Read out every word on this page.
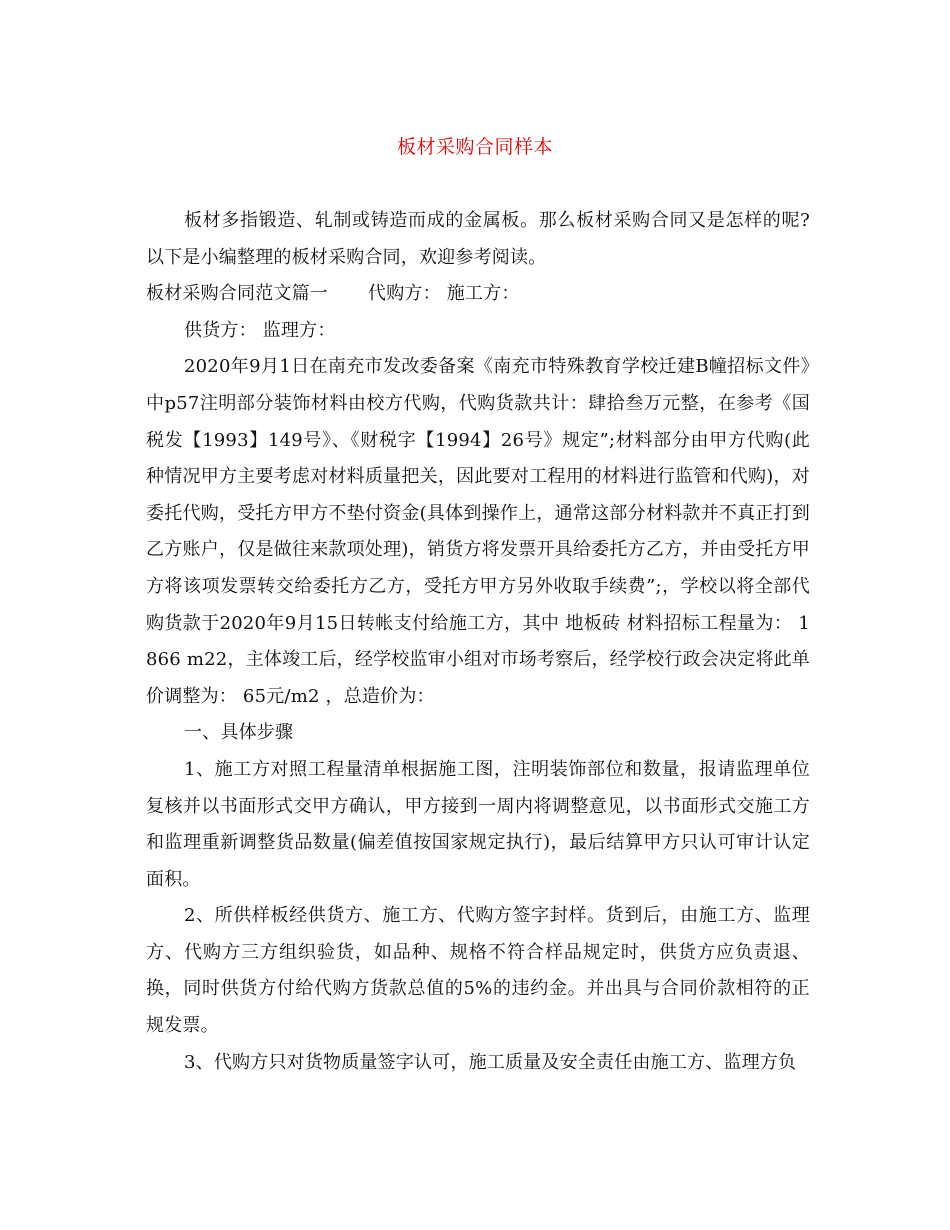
板材采购合同样本

板材多指锻造、轧制或铸造而成的金属板。那么板材采购合同又是怎样的呢?以下是小编整理的板材采购合同，欢迎参考阅读。

板材采购合同范文篇一 代购方： 施工方：

供货方： 监理方：

2020年9月1日在南充市发改委备案《南充市特殊教育学校迁建B幢招标文件》中p57注明部分装饰材料由校方代购，代购货款共计：肆拾叁万元整，在参考《国税发【1993】149号》、《财税字【1994】26号》规定”;材料部分由甲方代购(此种情况甲方主要考虑对材料质量把关，因此要对工程用的材料进行监管和代购)，对委托代购，受托方甲方不垫付资金(具体到操作上，通常这部分材料款并不真正打到乙方账户，仅是做往来款项处理)，销货方将发票开具给委托方乙方，并由受托方甲方将该项发票转交给委托方乙方，受托方甲方另外收取手续费”;，学校以将全部代购货款于2020年9月15日转帐支付给施工方，其中 地板砖 材料招标工程量为： 1866 m22，主体竣工后，经学校监审小组对市场考察后，经学校行政会决定将此单价调整为： 65元/m2 ，总造价为：

一、具体步骤

1、施工方对照工程量清单根据施工图，注明装饰部位和数量，报请监理单位复核并以书面形式交甲方确认，甲方接到一周内将调整意见，以书面形式交施工方和监理重新调整货品数量(偏差值按国家规定执行)，最后结算甲方只认可审计认定面积。

2、所供样板经供货方、施工方、代购方签字封样。货到后，由施工方、监理方、代购方三方组织验货，如品种、规格不符合样品规定时，供货方应负责退、换，同时供货方付给代购方货款总值的5%的违约金。并出具与合同价款相符的正规发票。

3、代购方只对货物质量签字认可，施工质量及安全责任由施工方、监理方负
